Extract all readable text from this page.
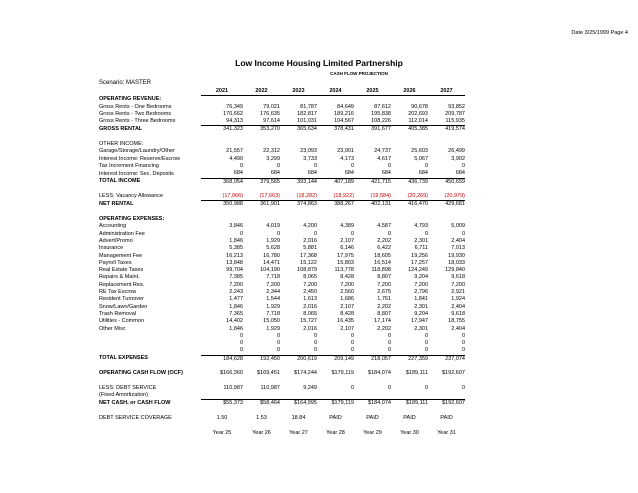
Date 3/25/1999 Page 4
Low Income Housing Limited Partnership
CASH FLOW PROJECTION
Scenario: MASTER
	2021	2022	2023	2024	2025	2026	2027
OPERATING REVENUE:							
Gross Rents - One Bedrooms	76,349	79,021	81,787	84,649	87,612	90,678	93,852
Gross Rents - Two Bedrooms	170,662	176,635	182,817	189,216	195,838	202,693	209,787
Gross Rents - Three Bedrooms	94,313	97,614	101,031	104,567	108,226	112,014	115,935
GROSS RENTAL	341,323	353,270	365,634	378,431	391,677	405,385	419,574

OTHER INCOME:							
Garage/Storage/Laundry/Other	21,557	22,312	23,093	23,901	24,737	25,603	26,499
Interest Income: Reserve/Escrow	4,490	3,299	3,733	4,173	4,617	5,067	3,902
Tax Increment Financing	0	0	0	0	0	0	0
Interest Income: Sec. Deposits	684	684	684	684	684	684	684
TOTAL INCOME	368,054	379,565	393,144	407,189	421,715	436,739	450,659

LESS: Vacancy Allowance	(17,066)	(17,663)	(18,282)	(18,922)	(19,584)	(20,269)	(20,979)
NET RENTAL	350,988	361,901	374,863	388,267	402,131	416,470	429,681

OPERATING EXPENSES:							
Accounting	3,846	4,019	4,200	4,389	4,587	4,793	5,009
Administration Fee	0	0	0	0	0	0	0
Advert/Promo	1,846	1,929	2,016	2,107	2,202	2,301	2,404
Insurance	5,385	5,628	5,881	6,146	6,422	6,711	7,013
Management Fee	16,213	16,780	17,368	17,975	18,605	19,256	19,930
Payroll Taxes	13,848	14,471	15,122	15,803	16,514	17,257	18,033
Real Estate Taxes	99,704	104,190	108,879	113,778	118,898	124,249	129,840
Repairs & Maint.	7,385	7,718	8,065	8,428	8,807	9,204	9,618
Replacement Res.	7,200	7,200	7,200	7,200	7,200	7,200	7,200
RE Tax Escrow	2,243	2,344	2,450	2,560	2,675	2,796	2,921
Resident Turnover	1,477	1,544	1,613	1,686	1,761	1,841	1,924
Snow/Lawn/Garden	1,846	1,929	2,016	2,107	2,202	2,301	2,404
Trash Removal	7,365	7,718	8,065	8,428	8,807	9,204	9,618
Utilities - Common	14,402	15,050	15,727	16,435	17,174	17,947	18,755
Other Misc	1,846	1,929	2,016	2,107	2,202	2,301	2,404
	0	0	0	0	0	0	0
	0	0	0	0	0	0	0
	0	0	0	0	0	0	0
TOTAL EXPENSES	184,628	192,450	200,619	209,149	218,057	227,359	237,074

OPERATING CASH FLOW (OCF)	$166,360	$169,451	$174,244	$179,119	$184,074	$189,111	$192,607

LESS: DEBT SERVICE	110,987	110,987	9,249	0	0	0	0
(Fixed Amortization)							
NET CASH, or CASH FLOW	$55,373	$58,464	$164,995	$179,119	$184,074	$189,111	$192,607

DEBT SERVICE COVERAGE	1.50	1.53	18.84	PAID	PAID	PAID	PAID

	Year 25	Year 26	Year 27	Year 28	Year 29	Year 30	Year 31
